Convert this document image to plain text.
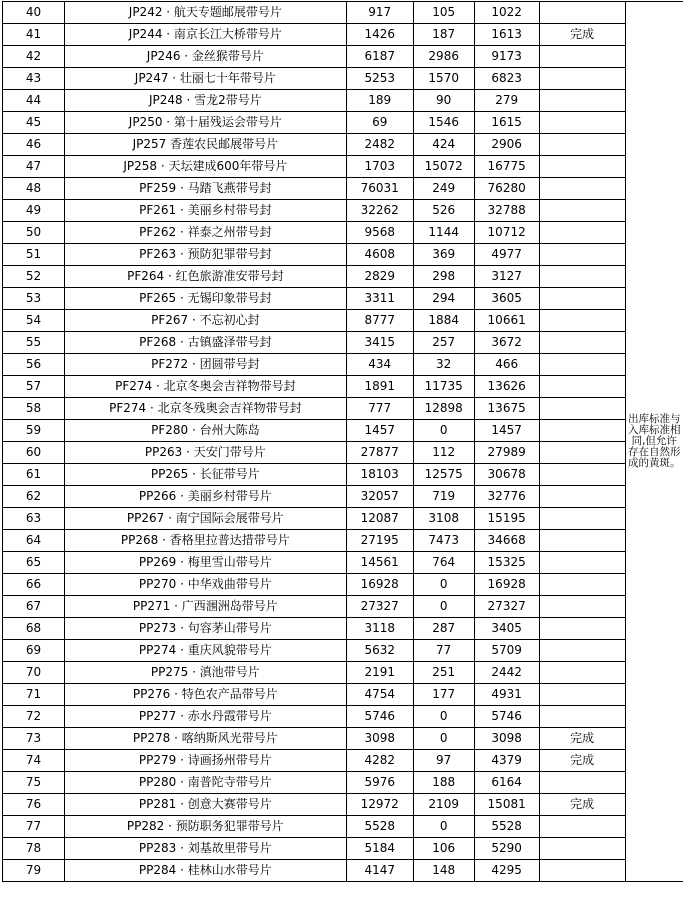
40	JP242 · 航天专题邮展带号片	917	105	1022		出库标准与入库标准相同,但允许存在自然形成的黄斑。
41	JP244 · 南京长江大桥带号片	1426	187	1613	完成	
42	JP246 · 金丝猴带号片	6187	2986	9173		
43	JP247 · 壮丽七十年带号片	5253	1570	6823		
44	JP248 · 雪龙2带号片	189	90	279		
45	JP250 · 第十届残运会带号片	69	1546	1615		
46	JP257 香莲农民邮展带号片	2482	424	2906		
47	JP258 · 天坛建成600年带号片	1703	15072	16775		
48	PF259 · 马踏飞燕带号封	76031	249	76280		
49	PF261 · 美丽乡村带号封	32262	526	32788		
50	PF262 · 祥泰之州带号封	9568	1144	10712		
51	PF263 · 预防犯罪带号封	4608	369	4977		
52	PF264 · 红色旅游准安带号封	2829	298	3127		
53	PF265 · 无锡印象带号封	3311	294	3605		
54	PF267 · 不忘初心封	8777	1884	10661		
55	PF268 · 古镇盛泽带号封	3415	257	3672		
56	PF272 · 团圆带号封	434	32	466		
57	PF274 · 北京冬奥会吉祥物带号封	1891	11735	13626		
58	PF274 · 北京冬残奥会吉祥物带号封	777	12898	13675		
59	PF280 · 台州大陈岛	1457	0	1457		
60	PP263 · 天安门带号片	27877	112	27989		
61	PP265 · 长征带号片	18103	12575	30678		
62	PP266 · 美丽乡村带号片	32057	719	32776		
63	PP267 · 南宁国际会展带号片	12087	3108	15195		
64	PP268 · 香格里拉普达措带号片	27195	7473	34668		
65	PP269 · 梅里雪山带号片	14561	764	15325		
66	PP270 · 中华戏曲带号片	16928	0	16928		
67	PP271 · 广西涠洲岛带号片	27327	0	27327		
68	PP273 · 句容茅山带号片	3118	287	3405		
69	PP274 · 重庆风貌带号片	5632	77	5709		
70	PP275 · 滇池带号片	2191	251	2442		
71	PP276 · 特色农产品带号片	4754	177	4931		
72	PP277 · 赤水丹霞带号片	5746	0	5746		
73	PP278 · 喀纳斯风光带号片	3098	0	3098	完成	
74	PP279 · 诗画扬州带号片	4282	97	4379	完成	
75	PP280 · 南普陀寺带号片	5976	188	6164		
76	PP281 · 创意大赛带号片	12972	2109	15081	完成	
77	PP282 · 预防职务犯罪带号片	5528	0	5528		
78	PP283 · 刘基故里带号片	5184	106	5290		
79	PP284 · 桂林山水带号片	4147	148	4295		
